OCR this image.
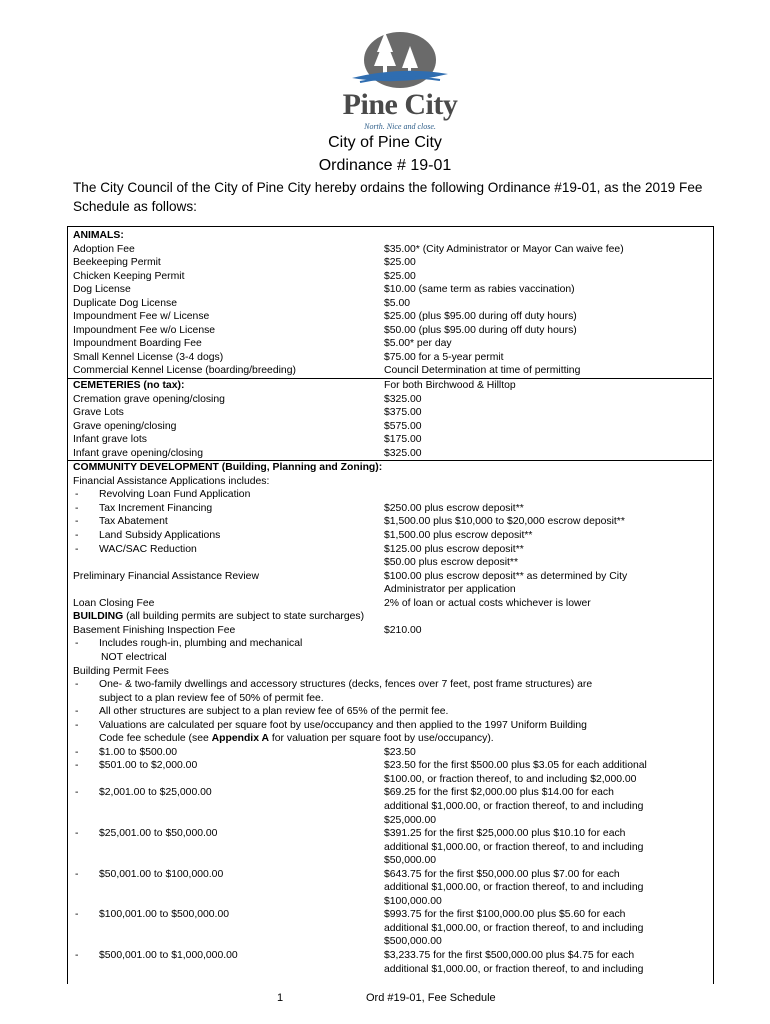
Pine City
North. Nice and close.
City of Pine City
Ordinance # 19-01
The City Council of the City of Pine City hereby ordains the following Ordinance #19-01, as the 2019 Fee Schedule as follows:
ANIMALS:
Adoption Fee	$35.00* (City Administrator or Mayor Can waive fee)
Beekeeping Permit	$25.00
Chicken Keeping Permit	$25.00
Dog License	$10.00 (same term as rabies vaccination)
Duplicate Dog License	$5.00
Impoundment Fee w/ License	$25.00 (plus $95.00 during off duty hours)
Impoundment Fee w/o License	$50.00 (plus $95.00 during off duty hours)
Impoundment Boarding Fee	$5.00* per day
Small Kennel License (3-4 dogs)	$75.00 for a 5-year permit
Commercial Kennel License (boarding/breeding)	Council Determination at time of permitting
CEMETERIES (no tax):	For both Birchwood & Hilltop
Cremation grave opening/closing	$325.00
Grave Lots	$375.00
Grave opening/closing	$575.00
Infant grave lots	$175.00
Infant grave opening/closing	$325.00
COMMUNITY DEVELOPMENT (Building, Planning and Zoning):
Financial Assistance Applications includes:
- Revolving Loan Fund Application
- Tax Increment Financing	$250.00 plus escrow deposit**
- Tax Abatement	$1,500.00 plus $10,000 to $20,000 escrow deposit**
- Land Subsidy Applications	$1,500.00 plus escrow deposit**
- WAC/SAC Reduction	$125.00 plus escrow deposit**
$50.00 plus escrow deposit**
Preliminary Financial Assistance Review	$100.00 plus escrow deposit** as determined by City
Administrator per application
Loan Closing Fee	2% of loan or actual costs whichever is lower
BUILDING (all building permits are subject to state surcharges)
Basement Finishing Inspection Fee	$210.00
- Includes rough-in, plumbing and mechanical
NOT electrical
Building Permit Fees
- One- & two-family dwellings and accessory structures (decks, fences over 7 feet, post frame structures) are
subject to a plan review fee of 50% of permit fee.
- All other structures are subject to a plan review fee of 65% of the permit fee.
- Valuations are calculated per square foot by use/occupancy and then applied to the 1997 Uniform Building
Code fee schedule (see Appendix A for valuation per square foot by use/occupancy).
- $1.00 to $500.00	$23.50
- $501.00 to $2,000.00	$23.50 for the first $500.00 plus $3.05 for each additional
$100.00, or fraction thereof, to and including $2,000.00
- $2,001.00 to $25,000.00	$69.25 for the first $2,000.00 plus $14.00 for each
additional $1,000.00, or fraction thereof, to and including
$25,000.00
- $25,001.00 to $50,000.00	$391.25 for the first $25,000.00 plus $10.10 for each
additional $1,000.00, or fraction thereof, to and including
$50,000.00
- $50,001.00 to $100,000.00	$643.75 for the first $50,000.00 plus $7.00 for each
additional $1,000.00, or fraction thereof, to and including
$100,000.00
- $100,001.00 to $500,000.00	$993.75 for the first $100,000.00 plus $5.60 for each
additional $1,000.00, or fraction thereof, to and including
$500,000.00
- $500,001.00 to $1,000,000.00	$3,233.75 for the first $500,000.00 plus $4.75 for each
additional $1,000.00, or fraction thereof, to and including
1	Ord #19-01, Fee Schedule
